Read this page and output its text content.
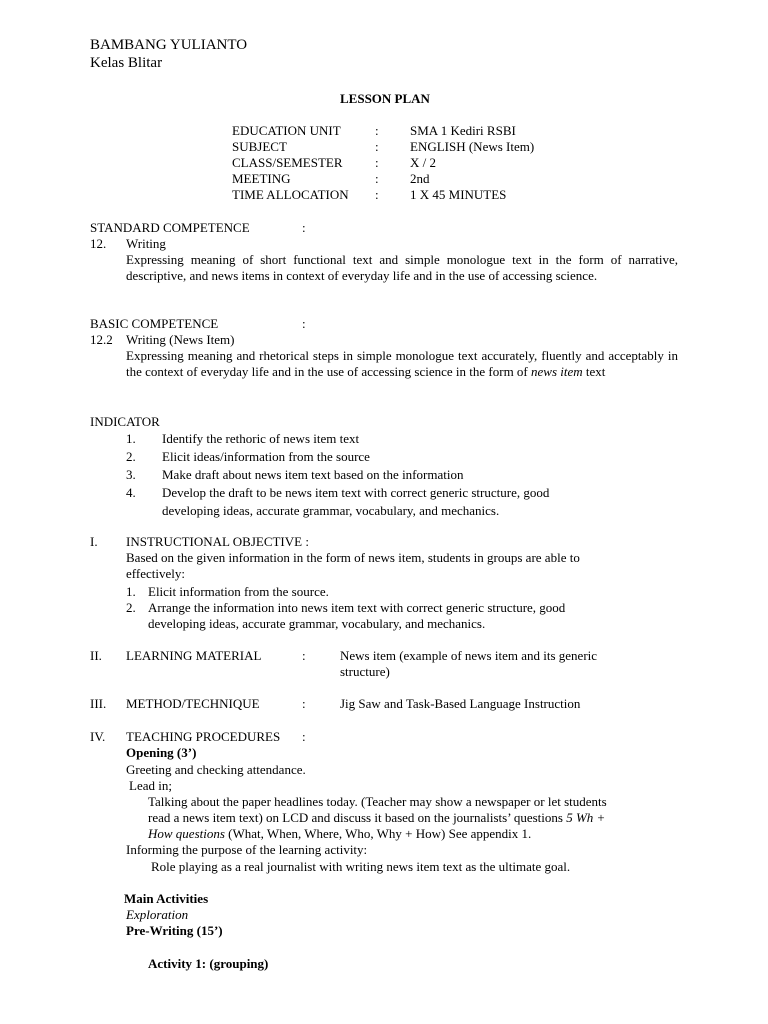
BAMBANG YULIANTO
Kelas Blitar
LESSON PLAN
EDUCATION UNIT	: SMA 1 Kediri RSBI
SUBJECT	: ENGLISH (News Item)
CLASS/SEMESTER : X / 2
MEETING	: 2nd
TIME ALLOCATION : 1 X 45 MINUTES
STANDARD COMPETENCE	:
12. Writing
Expressing meaning of short functional text and simple monologue text in the form of narrative, descriptive, and news items in context of everyday life and in the use of accessing science.
BASIC COMPETENCE	:
12.2 Writing (News Item)
Expressing meaning and rhetorical steps in simple monologue text accurately, fluently and acceptably in the context of everyday life and in the use of accessing science in the form of news item text
INDICATOR
1. Identify the rethoric of news item text
2. Elicit ideas/information from the source
3. Make draft about news item text based on the information
4. Develop the draft to be news item text with correct generic structure, good
developing ideas, accurate grammar, vocabulary, and mechanics.
I. INSTRUCTIONAL OBJECTIVE :
Based on the given information in the form of news item, students in groups are able to
effectively:
1. Elicit information from the source.
2. Arrange the information into news item text with correct generic structure, good
developing ideas, accurate grammar, vocabulary, and mechanics.
II. LEARNING MATERIAL	:	News item (example of news item and its generic
structure)
III. METHOD/TECHNIQUE	:	Jig Saw and Task-Based Language Instruction
IV. TEACHING PROCEDURES :
Opening (3’)
Greeting and checking attendance.
Lead in;
Talking about the paper headlines today. (Teacher may show a newspaper or let students
read a news item text) on LCD and discuss it based on the journalists’ questions 5 Wh +
How questions (What, When, Where, Who, Why + How) See appendix 1.
Informing the purpose of the learning activity:
Role playing as a real journalist with writing news item text as the ultimate goal.
Main Activities
Exploration
Pre-Writing (15’)
Activity 1: (grouping)
